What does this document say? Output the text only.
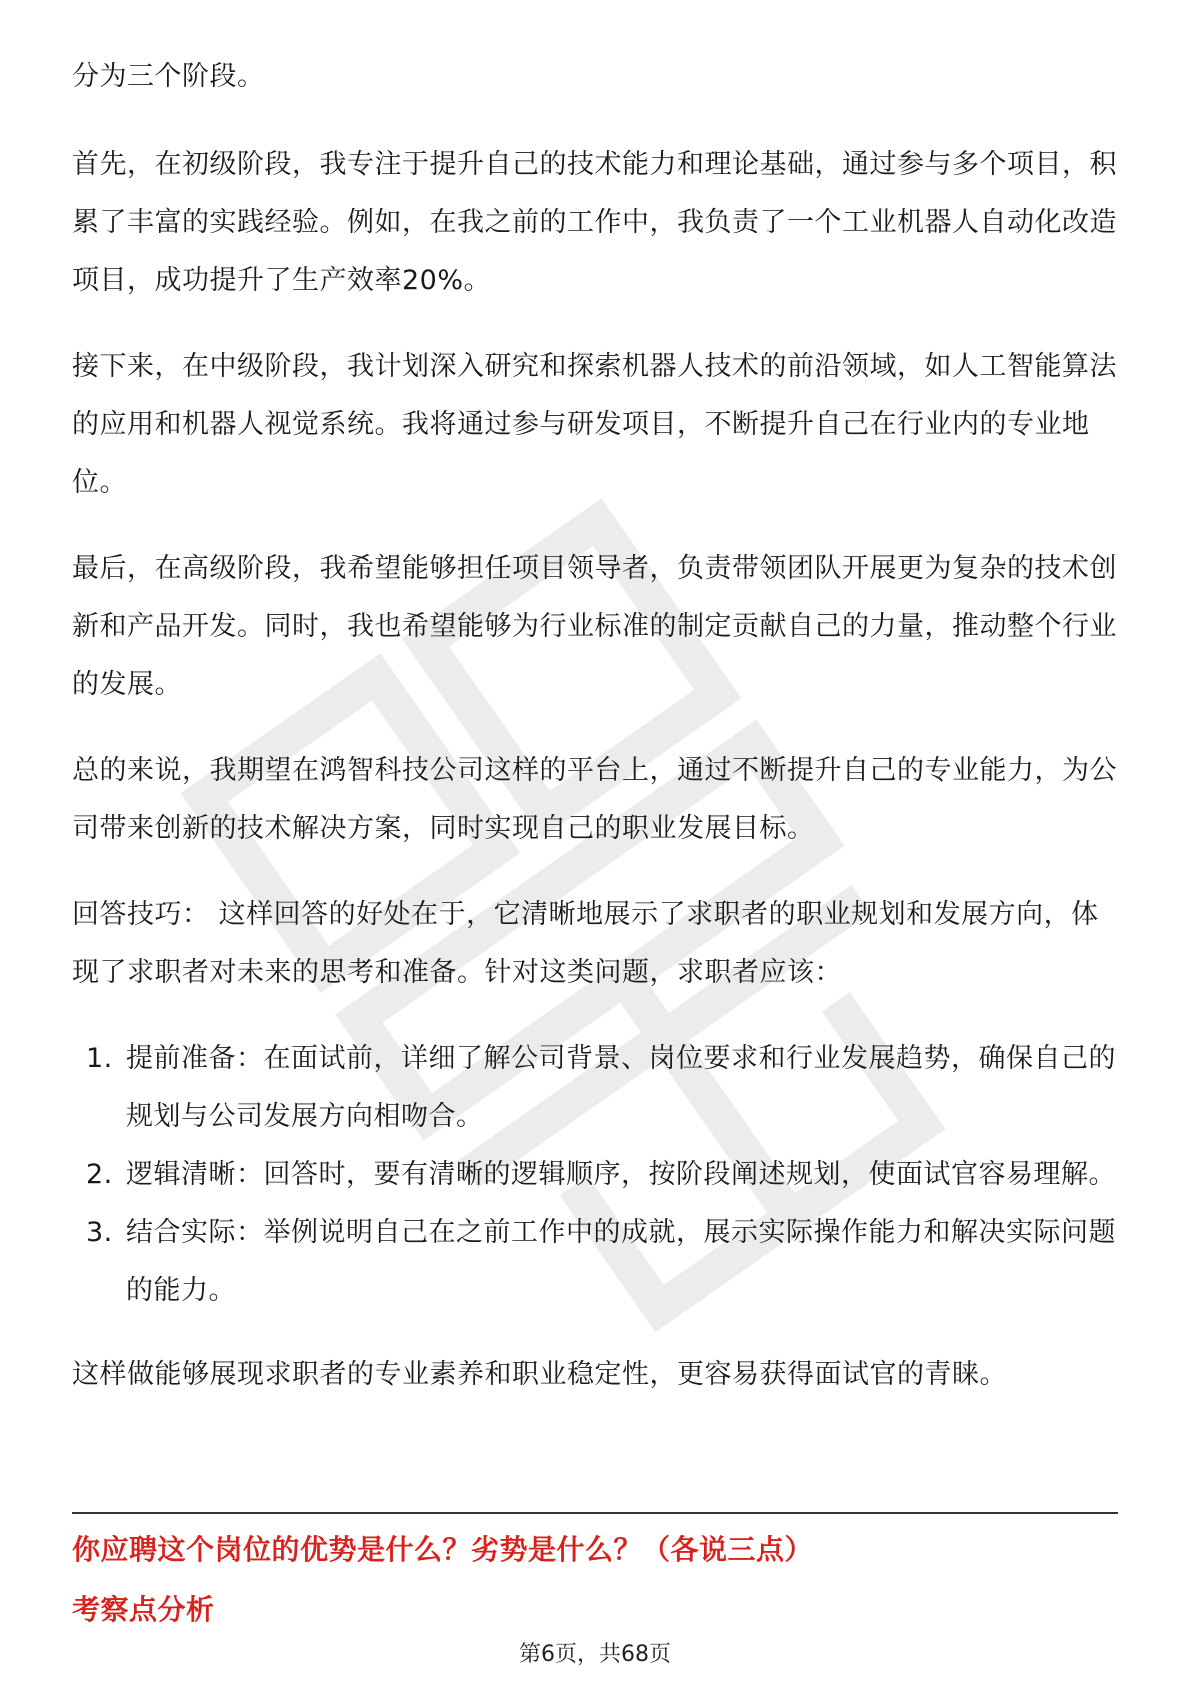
分为三个阶段。

首先，在初级阶段，我专注于提升自己的技术能力和理论基础，通过参与多个项目，积累了丰富的实践经验。例如，在我之前的工作中，我负责了一个工业机器人自动化改造项目，成功提升了生产效率20%。

接下来，在中级阶段，我计划深入研究和探索机器人技术的前沿领域，如人工智能算法的应用和机器人视觉系统。我将通过参与研发项目，不断提升自己在行业内的专业地位。

最后，在高级阶段，我希望能够担任项目领导者，负责带领团队开展更为复杂的技术创新和产品开发。同时，我也希望能够为行业标准的制定贡献自己的力量，推动整个行业的发展。

总的来说，我期望在鸿智科技公司这样的平台上，通过不断提升自己的专业能力，为公司带来创新的技术解决方案，同时实现自己的职业发展目标。

回答技巧： 这样回答的好处在于，它清晰地展示了求职者的职业规划和发展方向，体现了求职者对未来的思考和准备。针对这类问题，求职者应该：

1. 提前准备：在面试前，详细了解公司背景、岗位要求和行业发展趋势，确保自己的规划与公司发展方向相吻合。
2. 逻辑清晰：回答时，要有清晰的逻辑顺序，按阶段阐述规划，使面试官容易理解。
3. 结合实际：举例说明自己在之前工作中的成就，展示实际操作能力和解决实际问题的能力。

这样做能够展现求职者的专业素养和职业稳定性，更容易获得面试官的青睐。

你应聘这个岗位的优势是什么？劣势是什么？（各说三点）
考察点分析
第6页，共68页
